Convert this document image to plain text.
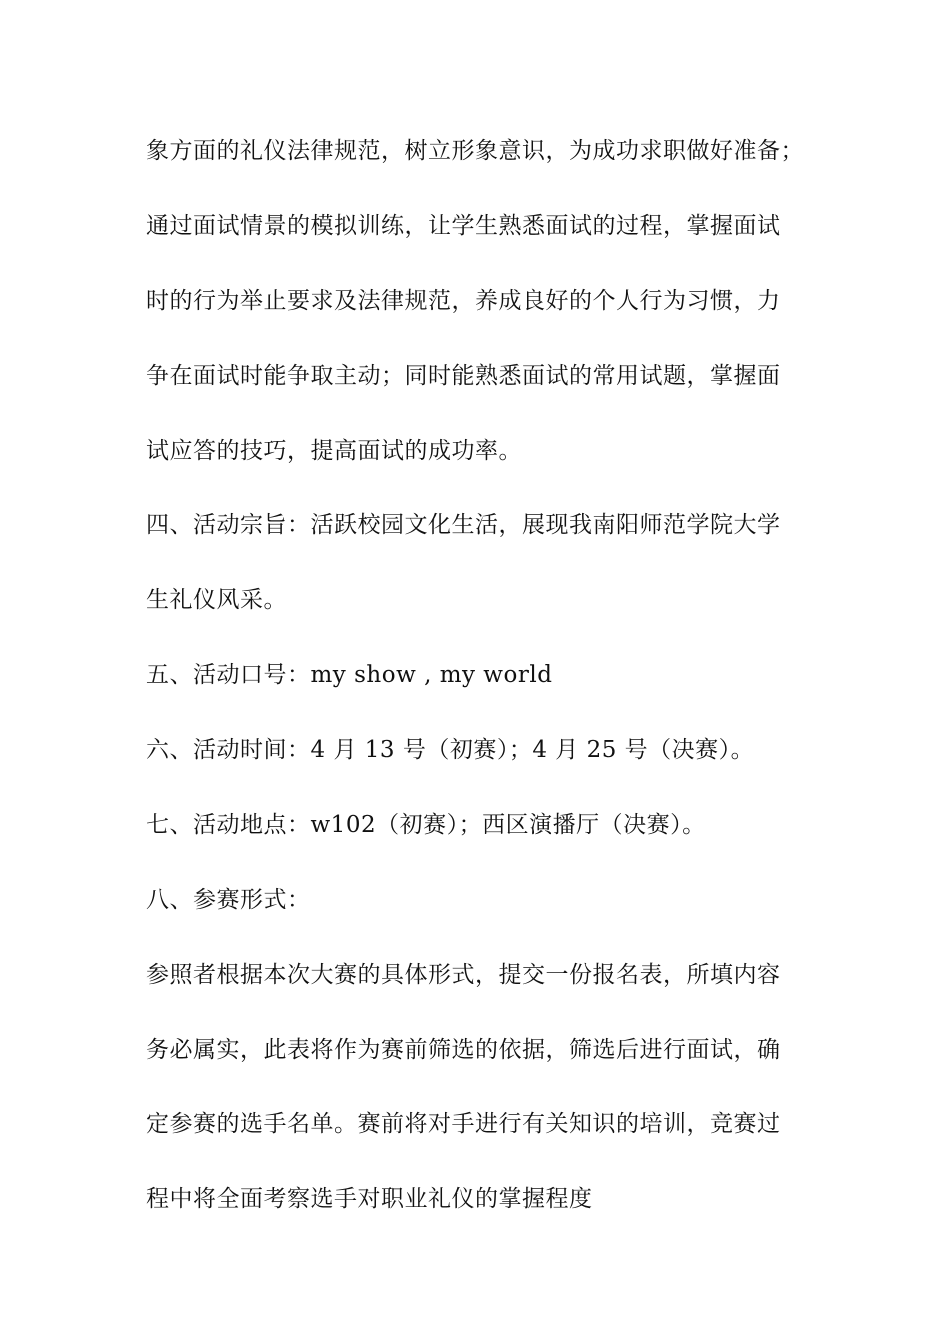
象方面的礼仪法律规范，树立形象意识，为成功求职做好准备；
通过面试情景的模拟训练，让学生熟悉面试的过程，掌握面试
时的行为举止要求及法律规范，养成良好的个人行为习惯，力
争在面试时能争取主动；同时能熟悉面试的常用试题，掌握面
试应答的技巧，提高面试的成功率。
四、活动宗旨：活跃校园文化生活，展现我南阳师范学院大学
生礼仪风采。
五、活动口号：my show , my world
六、活动时间：4 月 13 号（初赛）；4 月 25 号（决赛）。
七、活动地点：w102（初赛）；西区演播厅（决赛）。
八、参赛形式：
参照者根据本次大赛的具体形式，提交一份报名表，所填内容
务必属实，此表将作为赛前筛选的依据，筛选后进行面试，确
定参赛的选手名单。赛前将对手进行有关知识的培训，竞赛过
程中将全面考察选手对职业礼仪的掌握程度
